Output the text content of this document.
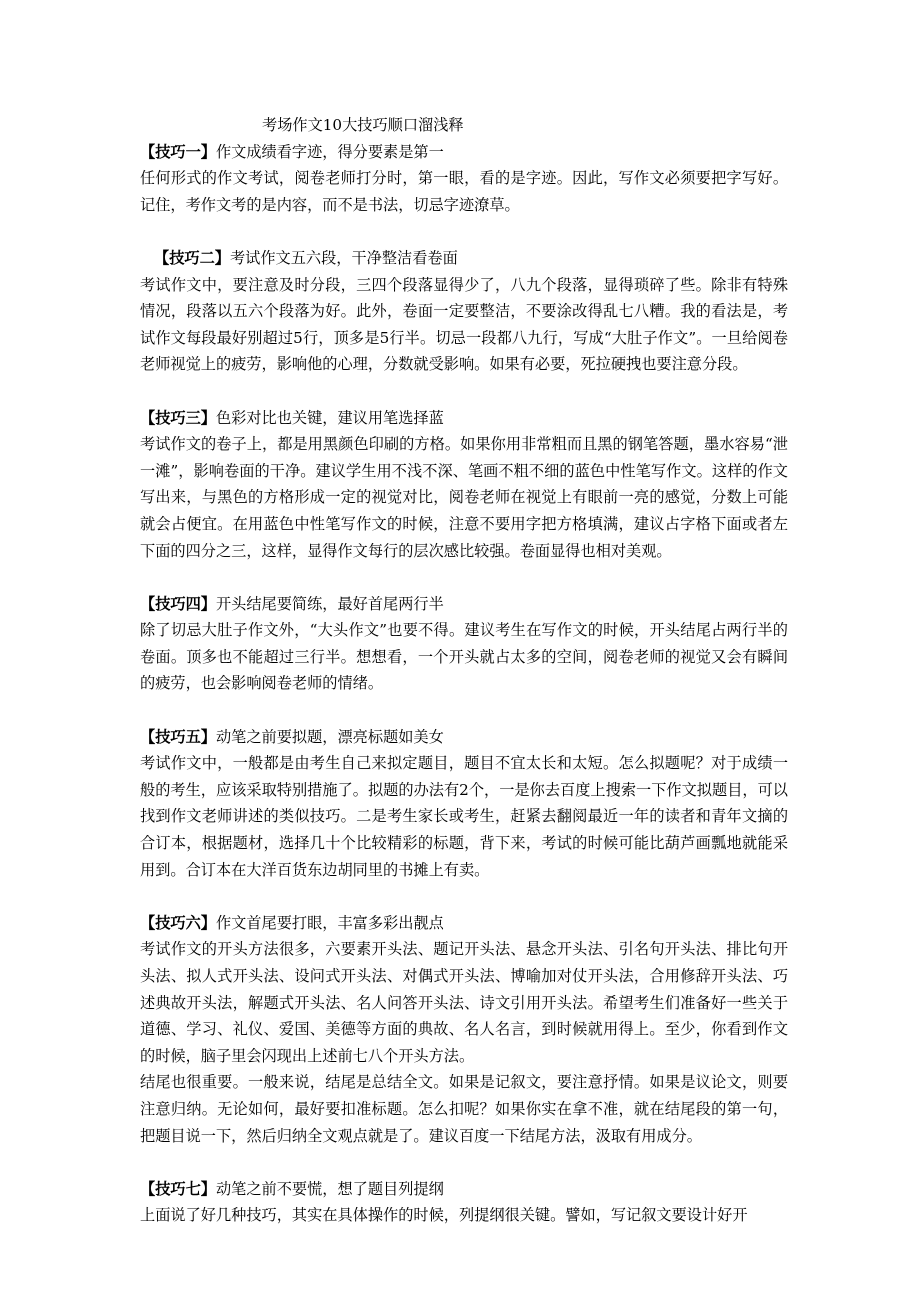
考场作文10大技巧顺口溜浅释
【技巧一】作文成绩看字迹，得分要素是第一

任何形式的作文考试，阅卷老师打分时，第一眼，看的是字迹。因此，写作文必须要把字写好。记住，考作文考的是内容，而不是书法，切忌字迹潦草。

【技巧二】考试作文五六段，干净整洁看卷面

考试作文中，要注意及时分段，三四个段落显得少了，八九个段落，显得琐碎了些。除非有特殊情况，段落以五六个段落为好。此外，卷面一定要整洁，不要涂改得乱七八糟。我的看法是，考试作文每段最好别超过5行，顶多是5行半。切忌一段都八九行，写成“大肚子作文”。一旦给阅卷老师视觉上的疲劳，影响他的心理，分数就受影响。如果有必要，死拉硬拽也要注意分段。

【技巧三】色彩对比也关键，建议用笔选择蓝

考试作文的卷子上，都是用黑颜色印刷的方格。如果你用非常粗而且黑的钢笔答题，墨水容易“泄一滩”，影响卷面的干净。建议学生用不浅不深、笔画不粗不细的蓝色中性笔写作文。这样的作文写出来，与黑色的方格形成一定的视觉对比，阅卷老师在视觉上有眼前一亮的感觉，分数上可能就会占便宜。在用蓝色中性笔写作文的时候，注意不要用字把方格填满，建议占字格下面或者左下面的四分之三，这样，显得作文每行的层次感比较强。卷面显得也相对美观。

【技巧四】开头结尾要简练，最好首尾两行半

除了切忌大肚子作文外，“大头作文”也要不得。建议考生在写作文的时候，开头结尾占两行半的卷面。顶多也不能超过三行半。想想看，一个开头就占太多的空间，阅卷老师的视觉又会有瞬间的疲劳，也会影响阅卷老师的情绪。

【技巧五】动笔之前要拟题，漂亮标题如美女

考试作文中，一般都是由考生自己来拟定题目，题目不宜太长和太短。怎么拟题呢？对于成绩一般的考生，应该采取特别措施了。拟题的办法有2个，一是你去百度上搜索一下作文拟题目，可以找到作文老师讲述的类似技巧。二是考生家长或考生，赶紧去翻阅最近一年的读者和青年文摘的合订本，根据题材，选择几十个比较精彩的标题，背下来，考试的时候可能比葫芦画瓢地就能采用到。合订本在大洋百货东边胡同里的书摊上有卖。

【技巧六】作文首尾要打眼，丰富多彩出靓点

考试作文的开头方法很多，六要素开头法、题记开头法、悬念开头法、引名句开头法、排比句开头法、拟人式开头法、设问式开头法、对偶式开头法、博喻加对仗开头法，合用修辞开头法、巧述典故开头法，解题式开头法、名人问答开头法、诗文引用开头法。希望考生们准备好一些关于道德、学习、礼仪、爱国、美德等方面的典故、名人名言，到时候就用得上。至少，你看到作文的时候，脑子里会闪现出上述前七八个开头方法。

结尾也很重要。一般来说，结尾是总结全文。如果是记叙文，要注意抒情。如果是议论文，则要注意归纳。无论如何，最好要扣准标题。怎么扣呢？如果你实在拿不准，就在结尾段的第一句，把题目说一下，然后归纳全文观点就是了。建议百度一下结尾方法，汲取有用成分。

【技巧七】动笔之前不要慌，想了题目列提纲

上面说了好几种技巧，其实在具体操作的时候，列提纲很关键。譬如，写记叙文要设计好开
